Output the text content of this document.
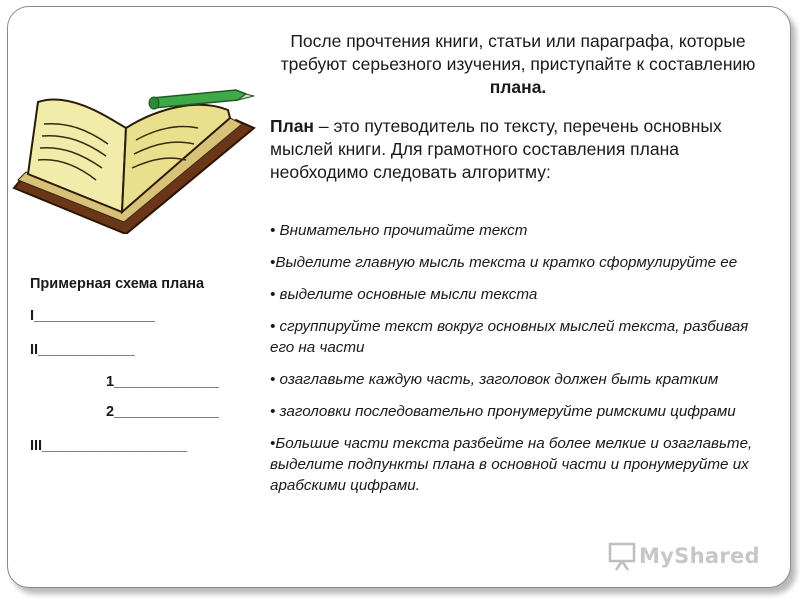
После прочтения книги, статьи или параграфа, которые требуют серьезного изучения, приступайте к составлению плана.
План – это путеводитель по тексту, перечень основных мыслей книги. Для грамотного составления плана необходимо следовать алгоритму:
• Внимательно прочитайте текст
•Выделите главную мысль текста и кратко сформулируйте ее
• выделите основные мысли текста
• сгруппируйте текст вокруг основных мыслей текста, разбивая его на части
• озаглавьте каждую часть, заголовок должен быть кратким
• заголовки последовательно пронумеруйте римскими цифрами
•Большие части текста разбейте на более мелкие и озаглавьте, выделите подпункты плана в основной части и пронумеруйте их арабскими цифрами.
Примерная схема плана
I_______________
II____________
1_____________
2_____________
III__________________
MyShared
